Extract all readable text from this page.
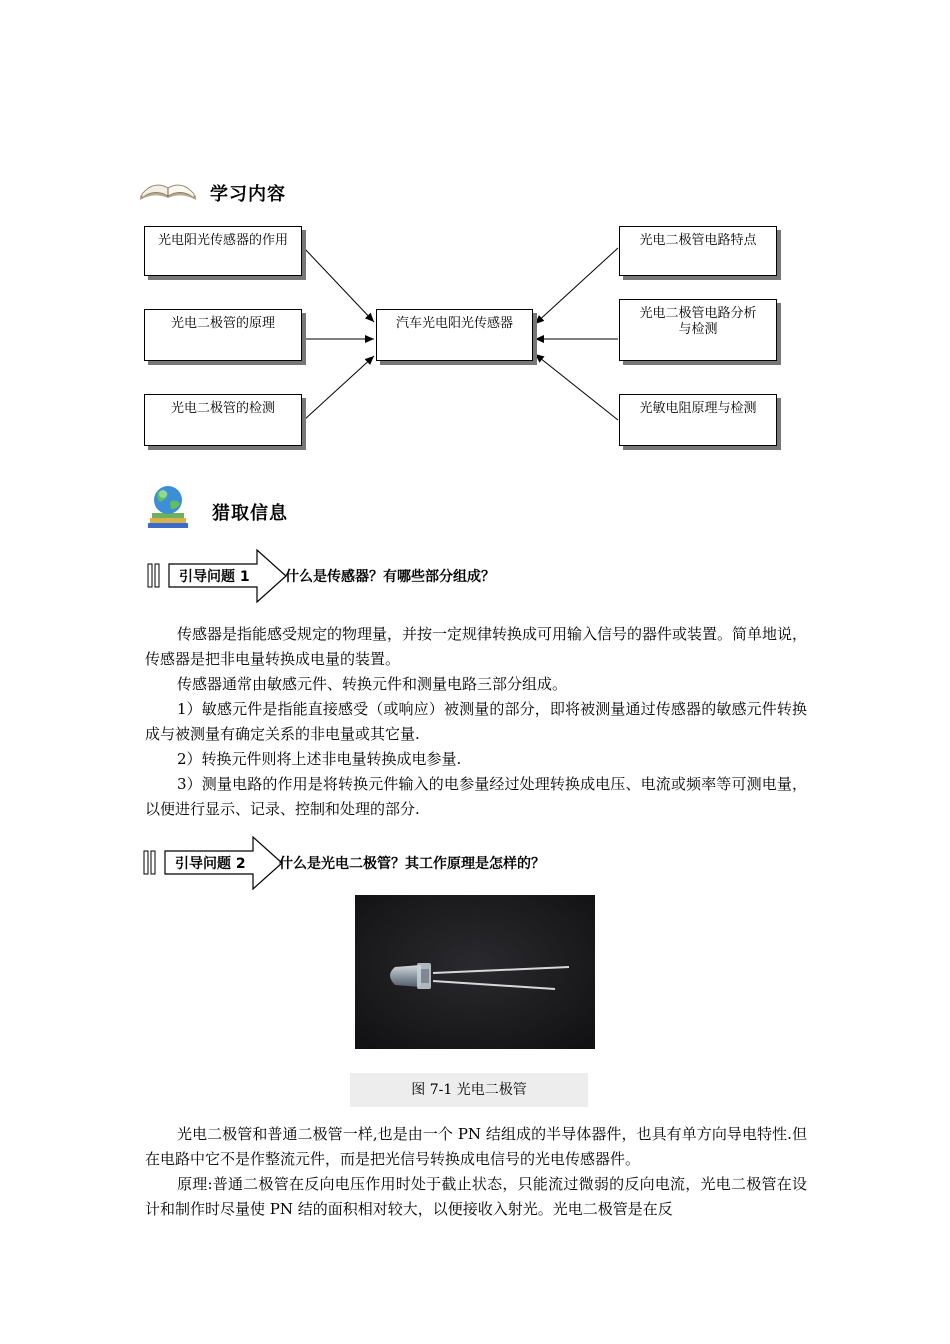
学习内容
光电阳光传感器的作用
光电二极管的原理
光电二极管的检测
汽车光电阳光传感器
光电二极管电路特点
光电二极管电路分析与检测
光敏电阻原理与检测
猎取信息
引导问题 1	什么是传感器？有哪些部分组成？

传感器是指能感受规定的物理量，并按一定规律转换成可用输入信号的器件或装置。简单地说，传感器是把非电量转换成电量的装置。

传感器通常由敏感元件、转换元件和测量电路三部分组成。

1）敏感元件是指能直接感受（或响应）被测量的部分，即将被测量通过传感器的敏感元件转换成与被测量有确定关系的非电量或其它量.

2）转换元件则将上述非电量转换成电参量.

3）测量电路的作用是将转换元件输入的电参量经过处理转换成电压、电流或频率等可测电量，以便进行显示、记录、控制和处理的部分.

引导问题 2 什么是光电二极管？其工作原理是怎样的？
图 7-1 光电二极管

光电二极管和普通二极管一样,也是由一个 PN 结组成的半导体器件，也具有单方向导电特性.但在电路中它不是作整流元件，而是把光信号转换成电信号的光电传感器件。

原理:普通二极管在反向电压作用时处于截止状态，只能流过微弱的反向电流，光电二极管在设计和制作时尽量使 PN 结的面积相对较大，以便接收入射光。光电二极管是在反
